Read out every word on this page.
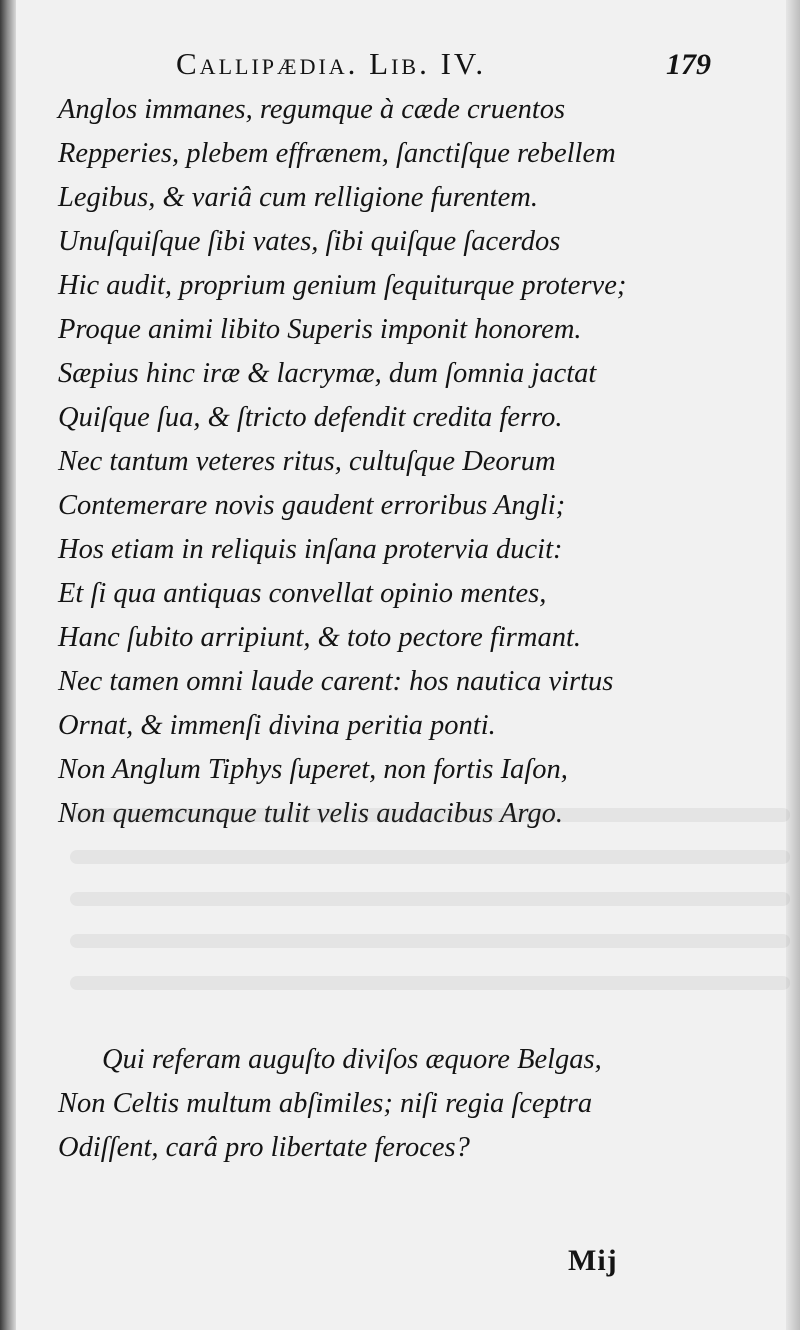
Callipædia. Lib. IV.	179
Anglos immanes, regumque à cæde cruentos
Repperies, plebem effrænem, ſanctiſque rebellem
Legibus, & variâ cum relligione furentem.
Unuſquiſque ſibi vates, ſibi quiſque ſacerdos
Hic audit, proprium genium ſequiturque proterve;
Proque animi libito Superis imponit honorem.
Sæpius hinc iræ & lacrymæ, dum ſomnia jactat
Quiſque ſua, & ſtricto defendit credita ferro.
Nec tantum veteres ritus, cultuſque Deorum
Contemerare novis gaudent erroribus Angli;
Hos etiam in reliquis inſana protervia ducit:
Et ſi qua antiquas convellat opinio mentes,
Hanc ſubito arripiunt, & toto pectore firmant.
Nec tamen omni laude carent: hos nautica virtus
Ornat, & immenſi divina peritia ponti.
Non Anglum Tiphys ſuperet, non fortis Iaſon,
Non quemcunque tulit velis audacibus Argo.
Qui referam auguſto diviſos æquore Belgas,
Non Celtis multum abſimiles; niſi regia ſceptra
Odiſſent, carâ pro libertate feroces?
Mij
